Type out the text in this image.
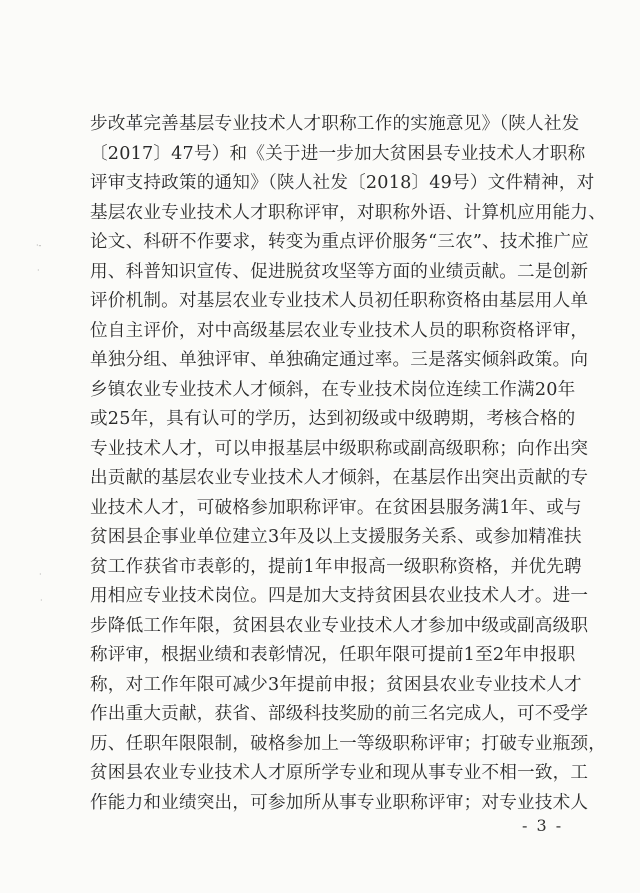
·‑
·
·
·
步改革完善基层专业技术人才职称工作的实施意见》（陕人社发
〔2017〕47号）和《关于进一步加大贫困县专业技术人才职称
评审支持政策的通知》（陕人社发〔2018〕49号）文件精神，对
基层农业专业技术人才职称评审，对职称外语、计算机应用能力、
论文、科研不作要求，转变为重点评价服务“三农”、技术推广应
用、科普知识宣传、促进脱贫攻坚等方面的业绩贡献。二是创新
评价机制。对基层农业专业技术人员初任职称资格由基层用人单
位自主评价，对中高级基层农业专业技术人员的职称资格评审，
单独分组、单独评审、单独确定通过率。三是落实倾斜政策。向
乡镇农业专业技术人才倾斜，在专业技术岗位连续工作满20年
或25年，具有认可的学历，达到初级或中级聘期，考核合格的
专业技术人才，可以申报基层中级职称或副高级职称；向作出突
出贡献的基层农业专业技术人才倾斜，在基层作出突出贡献的专
业技术人才，可破格参加职称评审。在贫困县服务满1年、或与
贫困县企事业单位建立3年及以上支援服务关系、或参加精准扶
贫工作获省市表彰的，提前1年申报高一级职称资格，并优先聘
用相应专业技术岗位。四是加大支持贫困县农业技术人才。进一
步降低工作年限，贫困县农业专业技术人才参加中级或副高级职
称评审，根据业绩和表彰情况，任职年限可提前1至2年申报职
称，对工作年限可减少3年提前申报；贫困县农业专业技术人才
作出重大贡献，获省、部级科技奖励的前三名完成人，可不受学
历、任职年限限制，破格参加上一等级职称评审；打破专业瓶颈，
贫困县农业专业技术人才原所学专业和现从事专业不相一致，工
作能力和业绩突出，可参加所从事专业职称评审；对专业技术人
- 3 -
